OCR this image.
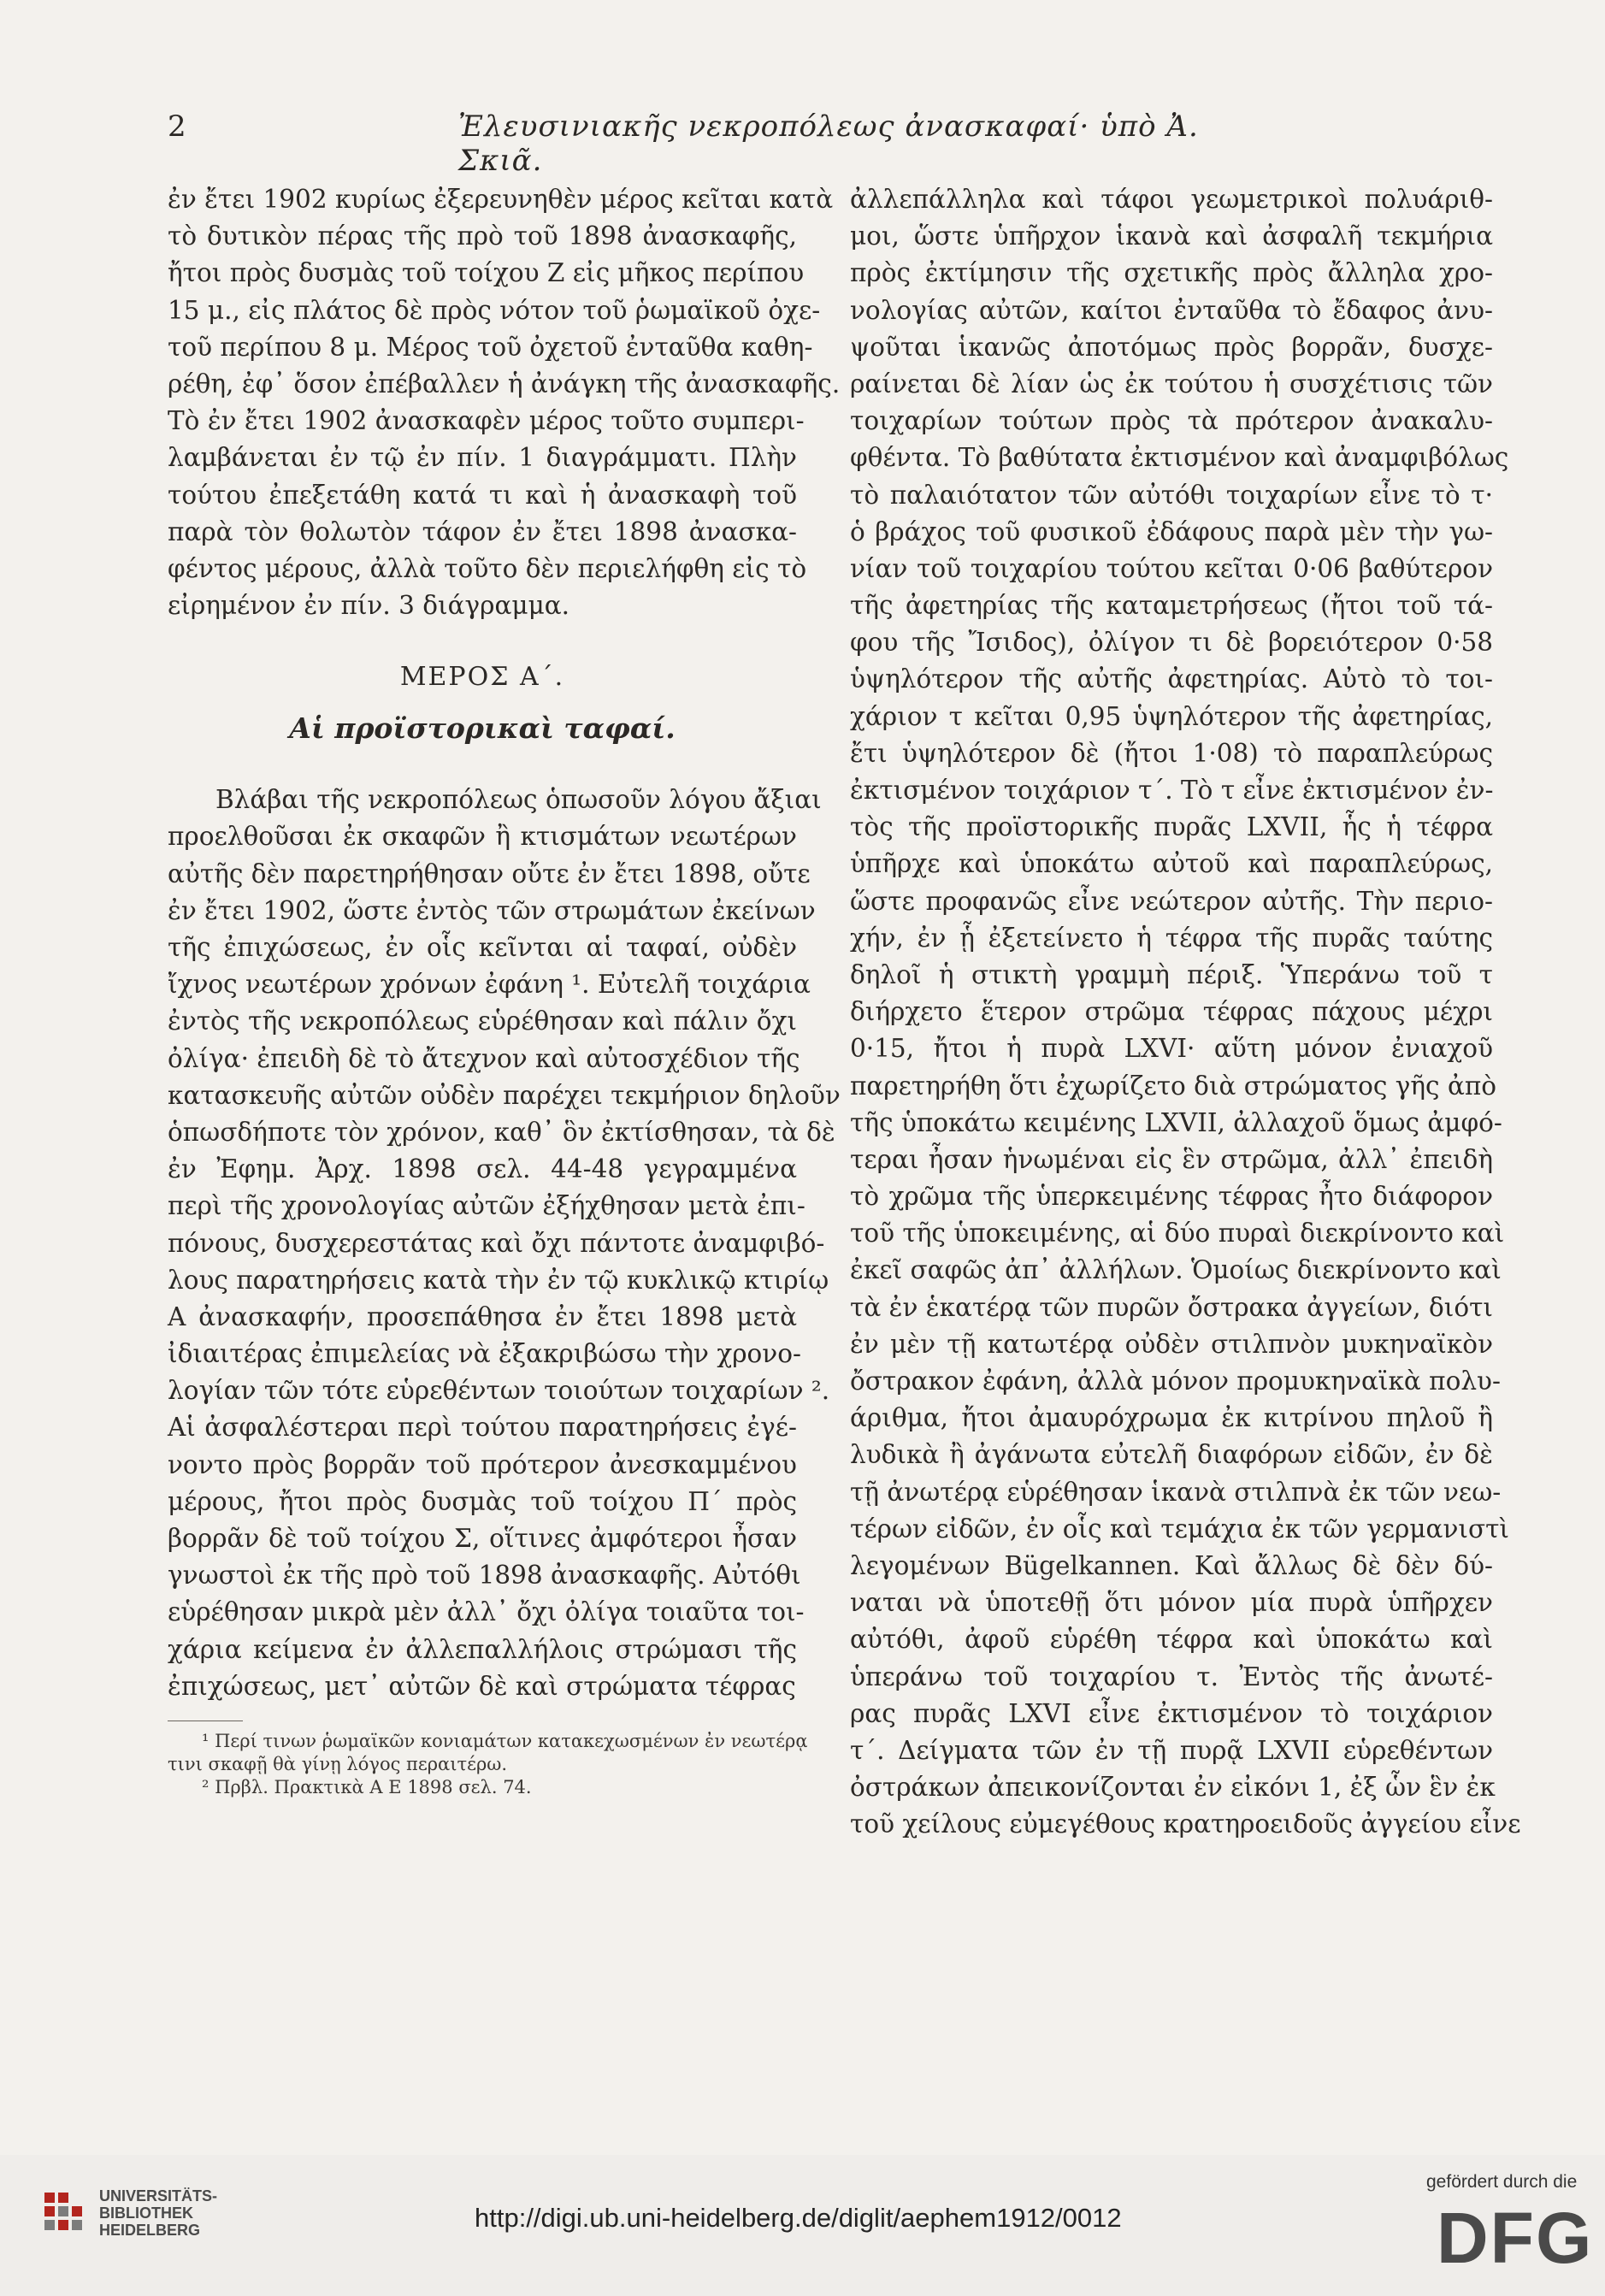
2	Ἐλευσινιακῆς νεκροπόλεως ἀνασκαφαί· ὑπὸ Ἀ. Σκιᾶ.

ἐν ἔτει 1902 κυρίως ἐξερευνηθὲν μέρος κεῖται κατὰ
τὸ δυτικὸν πέρας τῆς πρὸ τοῦ 1898 ἀνασκαφῆς,
ἤτοι πρὸς δυσμὰς τοῦ τοίχου Ζ εἰς μῆκος περίπου
15 μ., εἰς πλάτος δὲ πρὸς νότον τοῦ ῥωμαϊκοῦ ὀχε-
τοῦ περίπου 8 μ. Μέρος τοῦ ὀχετοῦ ἐνταῦθα καθη-
ρέθη, ἐφ᾽ ὅσον ἐπέβαλλεν ἡ ἀνάγκη τῆς ἀνασκαφῆς.
Τὸ ἐν ἔτει 1902 ἀνασκαφὲν μέρος τοῦτο συμπερι-
λαμβάνεται ἐν τῷ ἐν πίν. 1 διαγράμματι. Πλὴν
τούτου ἐπεξετάθη κατά τι καὶ ἡ ἀνασκαφὴ τοῦ
παρὰ τὸν θολωτὸν τάφον ἐν ἔτει 1898 ἀνασκα-
φέντος μέρους, ἀλλὰ τοῦτο δὲν περιελήφθη εἰς τὸ
εἰρημένον ἐν πίν. 3 διάγραμμα.

ΜΕΡΟΣ Α΄.
Αἱ προϊστορικαὶ ταφαί.

Βλάβαι τῆς νεκροπόλεως ὁπωσοῦν λόγου ἄξιαι
προελθοῦσαι ἐκ σκαφῶν ἢ κτισμάτων νεωτέρων
αὐτῆς δὲν παρετηρήθησαν οὔτε ἐν ἔτει 1898, οὔτε
ἐν ἔτει 1902, ὥστε ἐντὸς τῶν στρωμάτων ἐκείνων
τῆς ἐπιχώσεως, ἐν οἷς κεῖνται αἱ ταφαί, οὐδὲν
ἴχνος νεωτέρων χρόνων ἐφάνη ¹. Εὐτελῆ τοιχάρια
ἐντὸς τῆς νεκροπόλεως εὑρέθησαν καὶ πάλιν ὄχι
ὀλίγα· ἐπειδὴ δὲ τὸ ἄτεχνον καὶ αὐτοσχέδιον τῆς
κατασκευῆς αὐτῶν οὐδὲν παρέχει τεκμήριον δηλοῦν
ὁπωσδήποτε τὸν χρόνον, καθ᾽ ὃν ἐκτίσθησαν, τὰ δὲ
ἐν Ἐφημ. Ἀρχ. 1898 σελ. 44-48 γεγραμμένα
περὶ τῆς χρονολογίας αὐτῶν ἐξήχθησαν μετὰ ἐπι-
πόνους, δυσχερεστάτας καὶ ὄχι πάντοτε ἀναμφιβό-
λους παρατηρήσεις κατὰ τὴν ἐν τῷ κυκλικῷ κτιρίῳ
Α ἀνασκαφήν, προσεπάθησα ἐν ἔτει 1898 μετὰ
ἰδιαιτέρας ἐπιμελείας νὰ ἐξακριβώσω τὴν χρονο-
λογίαν τῶν τότε εὑρεθέντων τοιούτων τοιχαρίων ².
Αἱ ἀσφαλέστεραι περὶ τούτου παρατηρήσεις ἐγέ-
νοντο πρὸς βορρᾶν τοῦ πρότερον ἀνεσκαμμένου
μέρους, ἤτοι πρὸς δυσμὰς τοῦ τοίχου Π΄ πρὸς
βορρᾶν δὲ τοῦ τοίχου Σ, οἵτινες ἀμφότεροι ἦσαν
γνωστοὶ ἐκ τῆς πρὸ τοῦ 1898 ἀνασκαφῆς. Αὐτόθι
εὑρέθησαν μικρὰ μὲν ἀλλ᾽ ὄχι ὀλίγα τοιαῦτα τοι-
χάρια κείμενα ἐν ἀλλεπαλλήλοις στρώμασι τῆς
ἐπιχώσεως, μετ᾽ αὐτῶν δὲ καὶ στρώματα τέφρας

¹ Περί τινων ῥωμαϊκῶν κονιαμάτων κατακεχωσμένων ἐν νεωτέρᾳ
τινι σκαφῇ θὰ γίνῃ λόγος περαιτέρω.
² Πρβλ. Πρακτικὰ Α Ε 1898 σελ. 74.

ἀλλεπάλληλα καὶ τάφοι γεωμετρικοὶ πολυάριθ-
μοι, ὥστε ὑπῆρχον ἱκανὰ καὶ ἀσφαλῆ τεκμήρια
πρὸς ἐκτίμησιν τῆς σχετικῆς πρὸς ἄλληλα χρο-
νολογίας αὐτῶν, καίτοι ἐνταῦθα τὸ ἔδαφος ἀνυ-
ψοῦται ἱκανῶς ἀποτόμως πρὸς βορρᾶν, δυσχε-
ραίνεται δὲ λίαν ὡς ἐκ τούτου ἡ συσχέτισις τῶν
τοιχαρίων τούτων πρὸς τὰ πρότερον ἀνακαλυ-
φθέντα. Τὸ βαθύτατα ἐκτισμένον καὶ ἀναμφιβόλως
τὸ παλαιότατον τῶν αὐτόθι τοιχαρίων εἶνε τὸ τ·
ὁ βράχος τοῦ φυσικοῦ ἐδάφους παρὰ μὲν τὴν γω-
νίαν τοῦ τοιχαρίου τούτου κεῖται 0·06 βαθύτερον
τῆς ἀφετηρίας τῆς καταμετρήσεως (ἤτοι τοῦ τά-
φου τῆς Ἴσιδος), ὀλίγον τι δὲ βορειότερον 0·58
ὑψηλότερον τῆς αὐτῆς ἀφετηρίας. Αὐτὸ τὸ τοι-
χάριον τ κεῖται 0,95 ὑψηλότερον τῆς ἀφετηρίας,
ἔτι ὑψηλότερον δὲ (ἤτοι 1·08) τὸ παραπλεύρως
ἐκτισμένον τοιχάριον τ΄. Τὸ τ εἶνε ἐκτισμένον ἐν-
τὸς τῆς προϊστορικῆς πυρᾶς LXVII, ἧς ἡ τέφρα
ὑπῆρχε καὶ ὑποκάτω αὐτοῦ καὶ παραπλεύρως,
ὥστε προφανῶς εἶνε νεώτερον αὐτῆς. Τὴν περιο-
χήν, ἐν ᾗ ἐξετείνετο ἡ τέφρα τῆς πυρᾶς ταύτης
δηλοῖ ἡ στικτὴ γραμμὴ πέριξ. Ὑπεράνω τοῦ τ
διήρχετο ἕτερον στρῶμα τέφρας πάχους μέχρι
0·15, ἤτοι ἡ πυρὰ LXVI· αὕτη μόνον ἐνιαχοῦ
παρετηρήθη ὅτι ἐχωρίζετο διὰ στρώματος γῆς ἀπὸ
τῆς ὑποκάτω κειμένης LXVII, ἀλλαχοῦ ὅμως ἀμφό-
τεραι ἦσαν ἡνωμέναι εἰς ἓν στρῶμα, ἀλλ᾽ ἐπειδὴ
τὸ χρῶμα τῆς ὑπερκειμένης τέφρας ἦτο διάφορον
τοῦ τῆς ὑποκειμένης, αἱ δύο πυραὶ διεκρίνοντο καὶ
ἐκεῖ σαφῶς ἀπ᾽ ἀλλήλων. Ὁμοίως διεκρίνοντο καὶ
τὰ ἐν ἑκατέρᾳ τῶν πυρῶν ὄστρακα ἀγγείων, διότι
ἐν μὲν τῇ κατωτέρᾳ οὐδὲν στιλπνὸν μυκηναϊκὸν
ὄστρακον ἐφάνη, ἀλλὰ μόνον προμυκηναϊκὰ πολυ-
άριθμα, ἤτοι ἀμαυρόχρωμα ἐκ κιτρίνου πηλοῦ ἢ
λυδικὰ ἢ ἀγάνωτα εὐτελῆ διαφόρων εἰδῶν, ἐν δὲ
τῇ ἀνωτέρᾳ εὑρέθησαν ἱκανὰ στιλπνὰ ἐκ τῶν νεω-
τέρων εἰδῶν, ἐν οἷς καὶ τεμάχια ἐκ τῶν γερμανιστὶ
λεγομένων Bügelkannen. Καὶ ἄλλως δὲ δὲν δύ-
ναται νὰ ὑποτεθῇ ὅτι μόνον μία πυρὰ ὑπῆρχεν
αὐτόθι, ἀφοῦ εὑρέθη τέφρα καὶ ὑποκάτω καὶ
ὑπεράνω τοῦ τοιχαρίου τ. Ἐντὸς τῆς ἀνωτέ-
ρας πυρᾶς LXVI εἶνε ἐκτισμένον τὸ τοιχάριον
τ΄. Δείγματα τῶν ἐν τῇ πυρᾷ LXVII εὑρεθέντων
ὀστράκων ἀπεικονίζονται ἐν εἰκόνι 1, ἐξ ὧν ἓν ἐκ
τοῦ χείλους εὐμεγέθους κρατηροειδοῦς ἀγγείου εἶνε

UNIVERSITÄTS-
BIBLIOTHEK
HEIDELBERG	http://digi.ub.uni-heidelberg.de/diglit/aephem1912/0012
gefördert durch die
DFG
